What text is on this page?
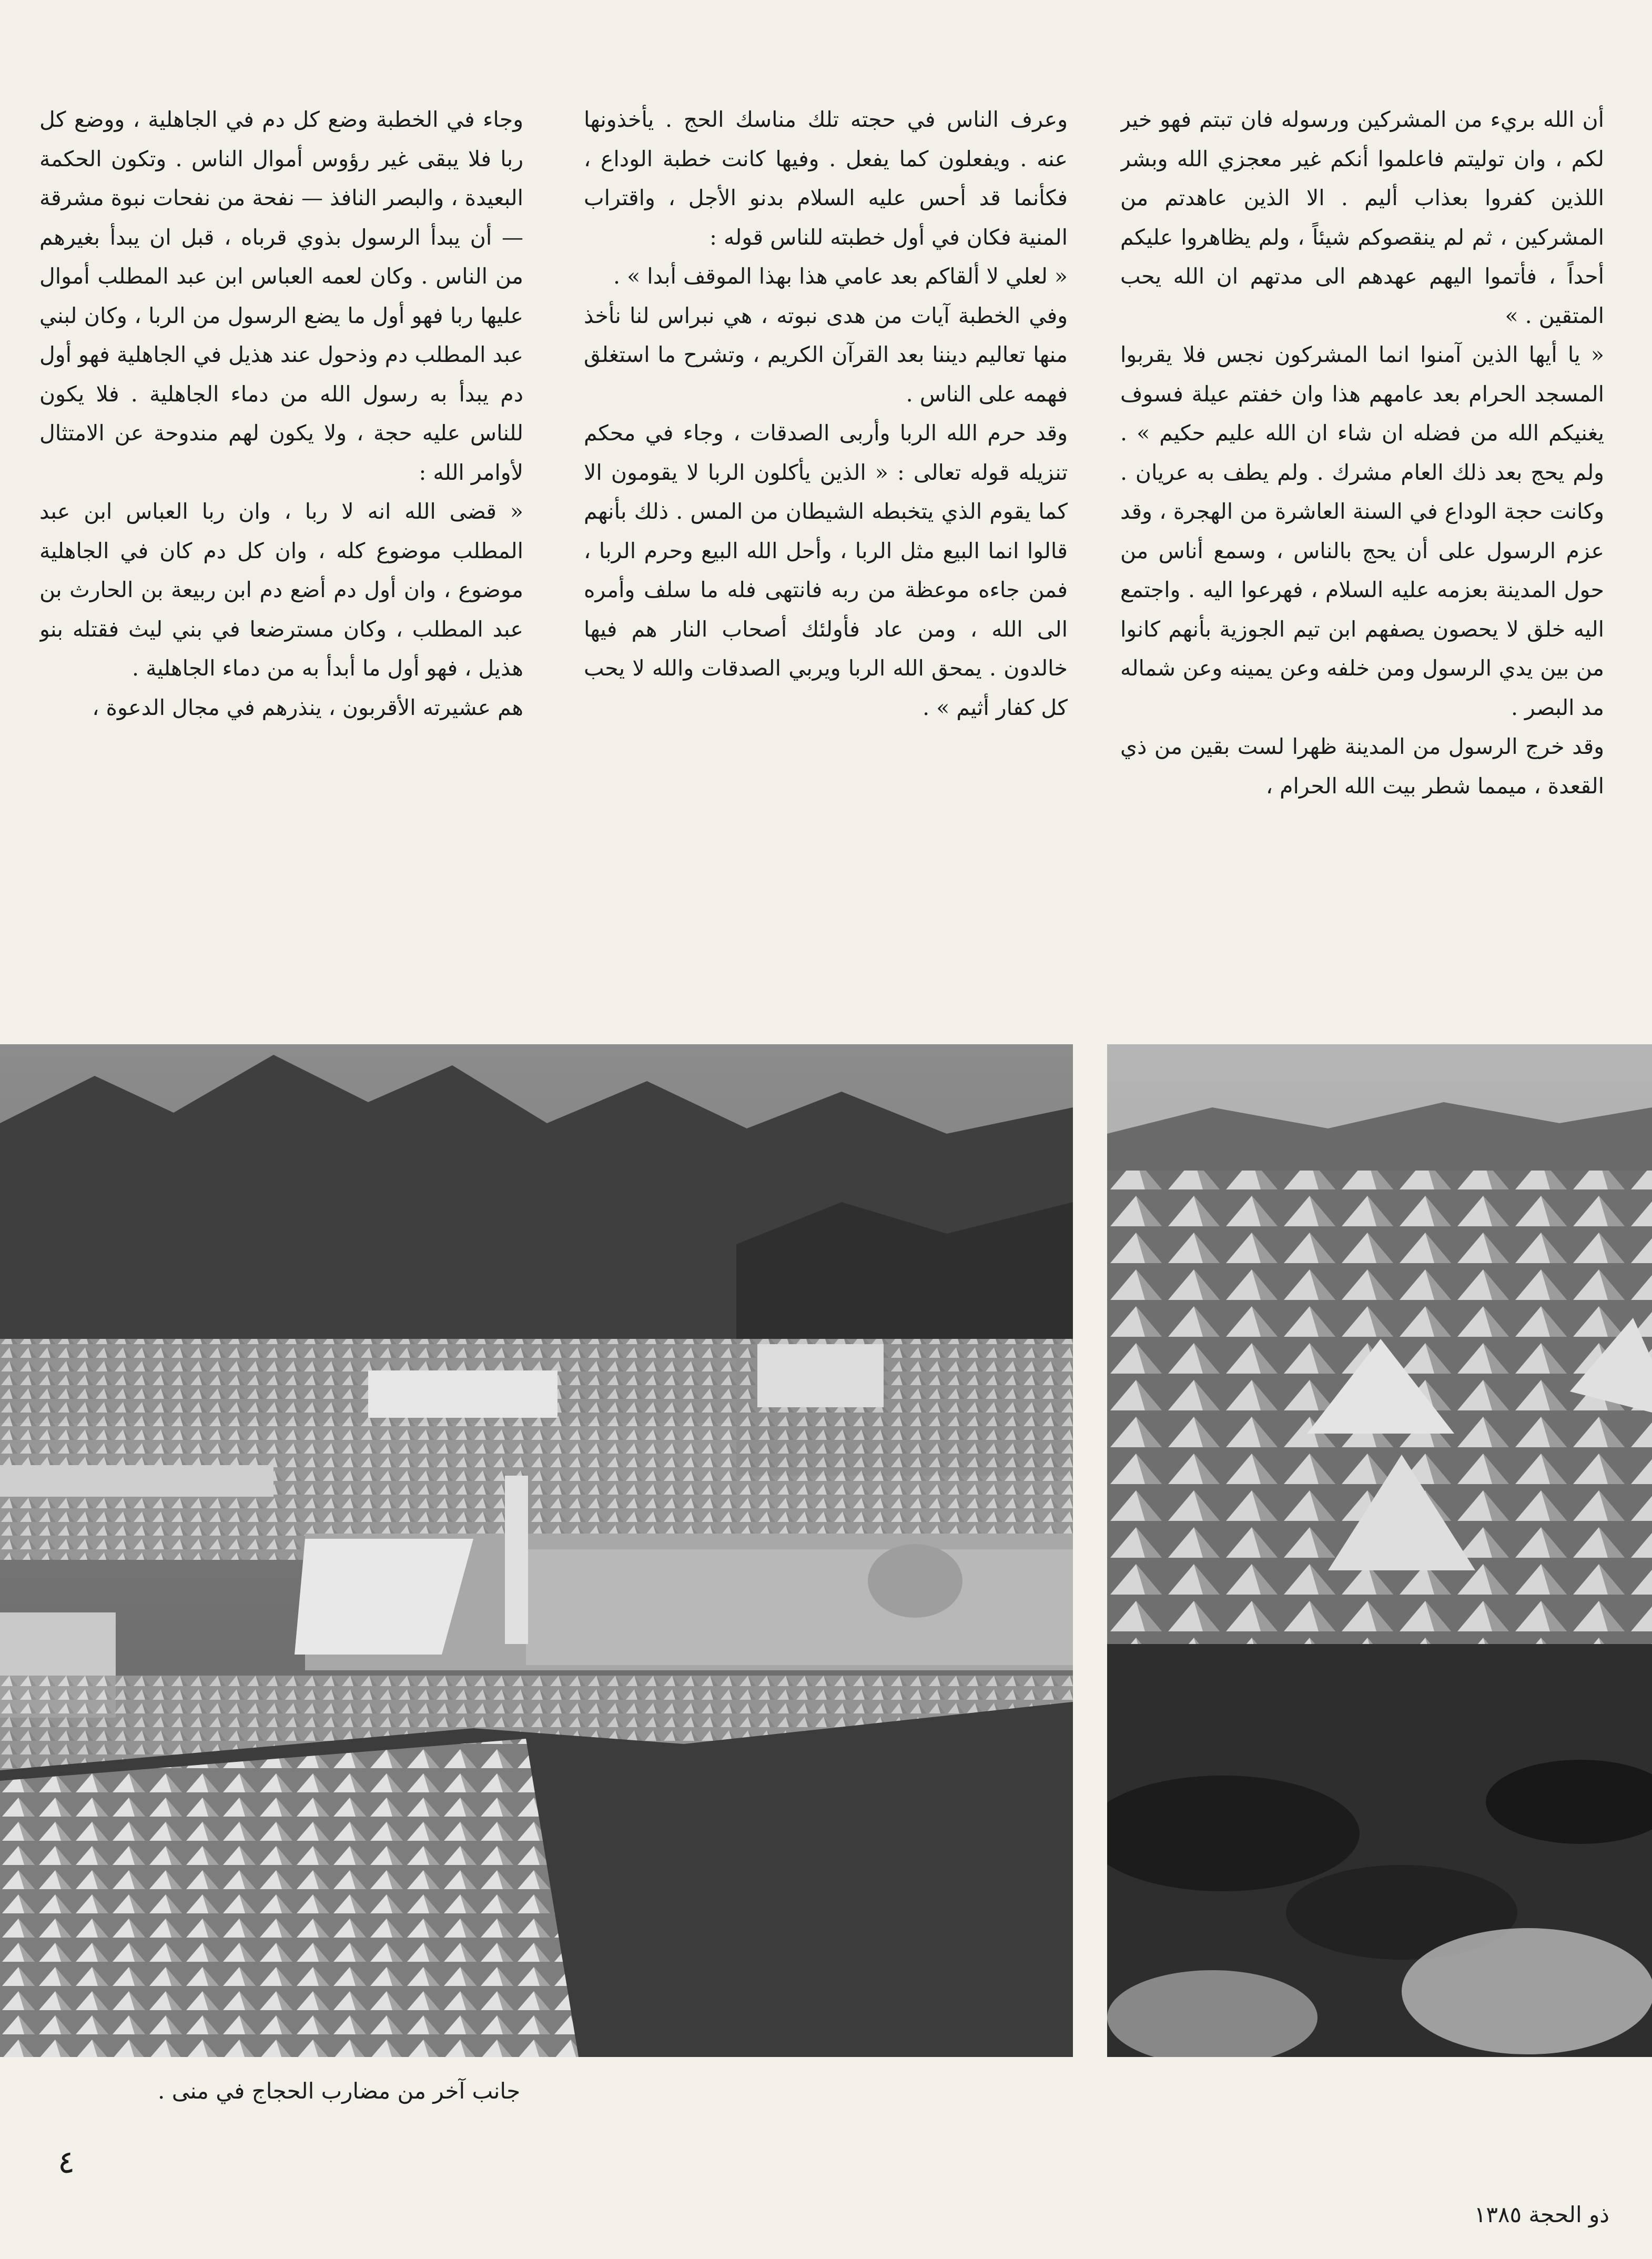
أن الله بريء من المشركين ورسوله فان تبتم فهو خير لكم ، وان توليتم فاعلموا أنكم غير معجزي الله وبشر اللذين كفروا بعذاب أليم . الا الذين عاهدتم من المشركين ، ثم لم ينقصوكم شيئاً ، ولم يظاهروا عليكم أحداً ، فأتموا اليهم عهدهم الى مدتهم ان الله يحب المتقين . »

« يا أيها الذين آمنوا انما المشركون نجس فلا يقربوا المسجد الحرام بعد عامهم هذا وان خفتم عيلة فسوف يغنيكم الله من فضله ان شاء ان الله عليم حكيم » . ولم يحج بعد ذلك العام مشرك . ولم يطف به عريان . وكانت حجة الوداع في السنة العاشرة من الهجرة ، وقد عزم الرسول على أن يحج بالناس ، وسمع أناس من حول المدينة بعزمه عليه السلام ، فهرعوا اليه . واجتمع اليه خلق لا يحصون يصفهم ابن تيم الجوزية بأنهم كانوا من بين يدي الرسول ومن خلفه وعن يمينه وعن شماله مد البصر .

وقد خرج الرسول من المدينة ظهرا لست بقين من ذي القعدة ، ميمما شطر بيت الله الحرام ،

وعرف الناس في حجته تلك مناسك الحج . يأخذونها عنه . ويفعلون كما يفعل . وفيها كانت خطبة الوداع ، فكأنما قد أحس عليه السلام بدنو الأجل ، واقتراب المنية فكان في أول خطبته للناس قوله :

« لعلي لا ألقاكم بعد عامي هذا بهذا الموقف أبدا » .

وفي الخطبة آيات من هدى نبوته ، هي نبراس لنا نأخذ منها تعاليم ديننا بعد القرآن الكريم ، وتشرح ما استغلق فهمه على الناس .

وقد حرم الله الربا وأربى الصدقات ، وجاء في محكم تنزيله قوله تعالى : « الذين يأكلون الربا لا يقومون الا كما يقوم الذي يتخبطه الشيطان من المس . ذلك بأنهم قالوا انما البيع مثل الربا ، وأحل الله البيع وحرم الربا ، فمن جاءه موعظة من ربه فانتهى فله ما سلف وأمره الى الله ، ومن عاد فأولئك أصحاب النار هم فيها خالدون . يمحق الله الربا ويربي الصدقات والله لا يحب كل كفار أثيم » .

وجاء في الخطبة وضع كل دم في الجاهلية ، ووضع كل ربا فلا يبقى غير رؤوس أموال الناس . وتكون الحكمة البعيدة ، والبصر النافذ — نفحة من نفحات نبوة مشرقة — أن يبدأ الرسول بذوي قرباه ، قبل ان يبدأ بغيرهم من الناس . وكان لعمه العباس ابن عبد المطلب أموال عليها ربا فهو أول ما يضع الرسول من الربا ، وكان لبني عبد المطلب دم وذحول عند هذيل في الجاهلية فهو أول دم يبدأ به رسول الله من دماء الجاهلية . فلا يكون للناس عليه حجة ، ولا يكون لهم مندوحة عن الامتثال لأوامر الله :

« قضى الله انه لا ربا ، وان ربا العباس ابن عبد المطلب موضوع كله ، وان كل دم كان في الجاهلية موضوع ، وان أول دم أضع دم ابن ربيعة بن الحارث بن عبد المطلب ، وكان مسترضعا في بني ليث فقتله بنو هذيل ، فهو أول ما أبدأ به من دماء الجاهلية .

هم عشيرته الأقربون ، ينذرهم في مجال الدعوة ،

جانب آخر من مضارب الحجاج في منى .
٤
ذو الحجة ١٣٨٥
